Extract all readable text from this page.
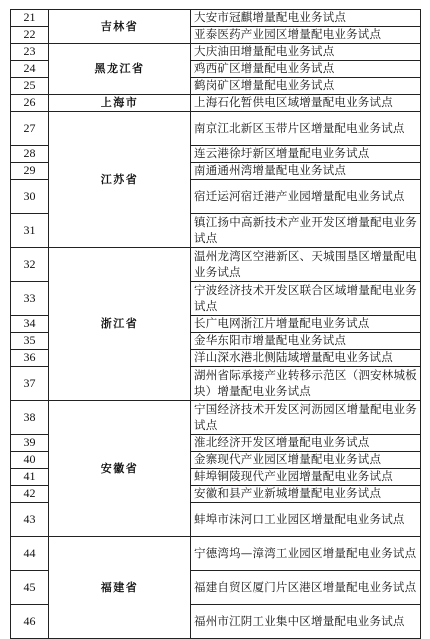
21	吉林省	大安市冠麒增量配电业务试点
22		亚泰医药产业园区增量配电业务试点
23	黑龙江省	大庆油田增量配电业务试点
24		鸡西矿区增量配电业务试点
25		鹤岗矿区增量配电业务试点
26	上海市	上海石化暂供电区域增量配电业务试点
27	江苏省	南京江北新区玉带片区增量配电业务试点
28		连云港徐圩新区增量配电业务试点
29		南通通州湾增量配电业务试点
30		宿迁运河宿迁港产业园增量配电业务试点
31		镇江扬中高新技术产业开发区增量配电业务试点
32	浙江省	温州龙湾区空港新区、天城围垦区增量配电业务试点
33		宁波经济技术开发区联合区域增量配电业务试点
34		长广电网浙江片增量配电业务试点
35		金华东阳市增量配电业务试点
36		洋山深水港北侧陆域增量配电业务试点
37		湖州省际承接产业转移示范区（泗安林城板块）增量配电业务试点
38	安徽省	宁国经济技术开发区河沥园区增量配电业务试点
39		淮北经济开发区增量配电业务试点
40		金寨现代产业园区增量配电业务试点
41		蚌埠铜陵现代产业园增量配电业务试点
42		安徽和县产业新城增量配电业务试点
43		蚌埠市沫河口工业园区增量配电业务试点
44	福建省	宁德湾坞—漳湾工业园区增量配电业务试点
45		福建自贸区厦门片区港区增量配电业务试点
46		福州市江阴工业集中区增量配电业务试点
